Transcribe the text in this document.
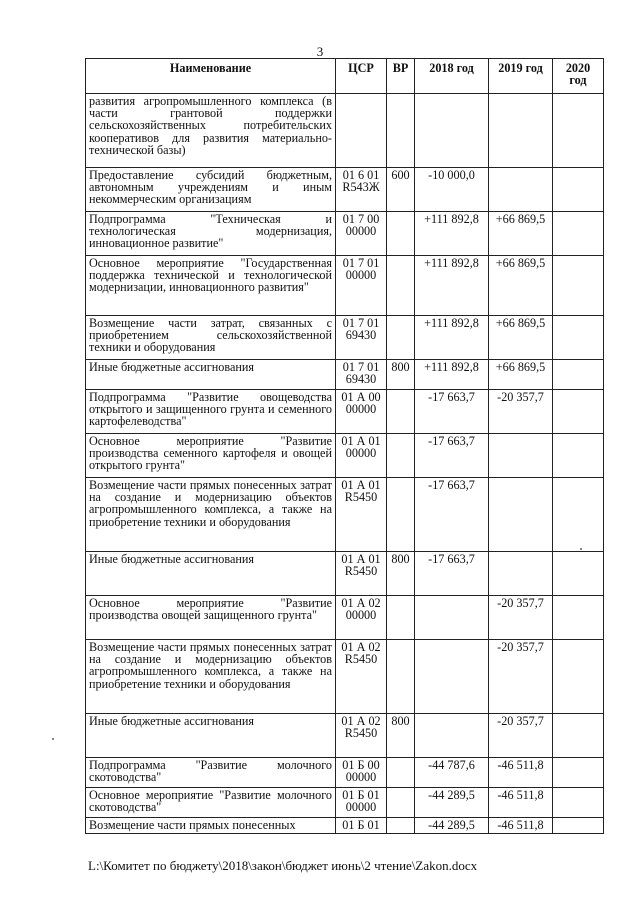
3
Наименование	ЦСР	ВР	2018 год	2019 год	2020 год
развития агропромышленного комплекса (в части грантовой поддержки сельскохозяйственных потребительских кооперативов для развития материально-технической базы)					
Предоставление субсидий бюджетным, автономным учреждениям и иным некоммерческим организациям	01 6 01 R543Ж	600	-10 000,0		
Подпрограмма "Техническая и технологическая модернизация, инновационное развитие"	01 7 00 00000		+111 892,8	+66 869,5	
Основное мероприятие "Государственная поддержка технической и технологической модернизации, инновационного развития"	01 7 01 00000		+111 892,8	+66 869,5	
Возмещение части затрат, связанных с приобретением сельскохозяйственной техники и оборудования	01 7 01 69430		+111 892,8	+66 869,5	
Иные бюджетные ассигнования	01 7 01 69430	800	+111 892,8	+66 869,5	
Подпрограмма "Развитие овощеводства открытого и защищенного грунта и семенного картофелеводства"	01 А 00 00000		-17 663,7	-20 357,7	
Основное мероприятие "Развитие производства семенного картофеля и овощей открытого грунта"	01 А 01 00000		-17 663,7		
Возмещение части прямых понесенных затрат на создание и модернизацию объектов агропромышленного комплекса, а также на приобретение техники и оборудования	01 А 01 R5450		-17 663,7		
Иные бюджетные ассигнования	01 А 01 R5450	800	-17 663,7		
Основное мероприятие "Развитие производства овощей защищенного грунта"	01 А 02 00000			-20 357,7	
Возмещение части прямых понесенных затрат на создание и модернизацию объектов агропромышленного комплекса, а также на приобретение техники и оборудования	01 А 02 R5450			-20 357,7	
Иные бюджетные ассигнования	01 А 02 R5450	800		-20 357,7	
Подпрограмма "Развитие молочного скотоводства"	01 Б 00 00000		-44 787,6	-46 511,8	
Основное мероприятие "Развитие молочного скотоводства"	01 Б 01 00000		-44 289,5	-46 511,8	
Возмещение части прямых понесенных	01 Б 01		-44 289,5	-46 511,8	
L:\Комитет по бюджету\2018\закон\бюджет июнь\2 чтение\Zakon.docx
